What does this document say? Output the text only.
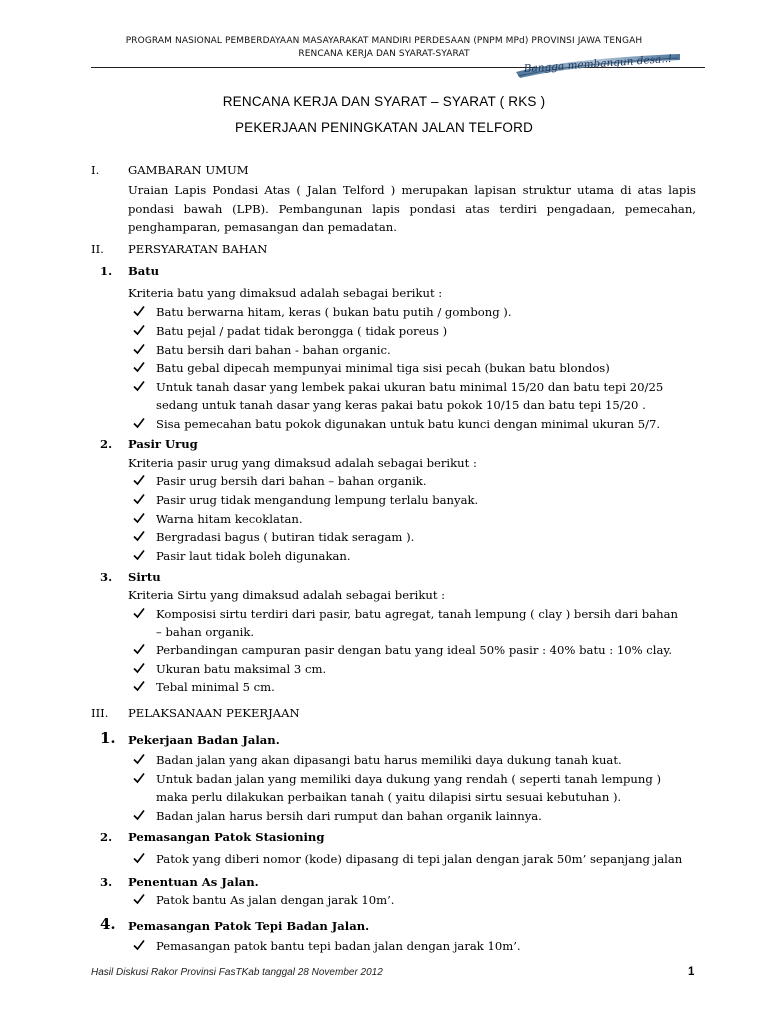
PROGRAM NASIONAL PEMBERDAYAAN MASAYARAKAT MANDIRI PERDESAAN (PNPM MPd) PROVINSI JAWA TENGAH
RENCANA KERJA DAN SYARAT-SYARAT	Bangga membangun desa..!
RENCANA KERJA DAN SYARAT – SYARAT ( RKS )
PEKERJAAN PENINGKATAN JALAN TELFORD
I. GAMBARAN UMUM
Uraian Lapis Pondasi Atas ( Jalan Telford ) merupakan lapisan struktur utama di atas lapis pondasi bawah (LPB). Pembangunan lapis pondasi atas terdiri pengadaan, pemecahan, penghamparan, pemasangan dan pemadatan.
II. PERSYARATAN BAHAN
1. Batu
Kriteria batu yang dimaksud adalah sebagai berikut :
Batu berwarna hitam, keras ( bukan batu putih / gombong ).
Batu pejal / padat tidak berongga ( tidak poreus )
Batu bersih dari bahan - bahan organic.
Batu gebal dipecah mempunyai minimal tiga sisi pecah (bukan batu blondos)
Untuk tanah dasar yang lembek pakai ukuran batu minimal 15/20 dan batu tepi 20/25
sedang untuk tanah dasar yang keras pakai batu pokok 10/15 dan batu tepi 15/20 .
Sisa pemecahan batu pokok digunakan untuk batu kunci dengan minimal ukuran 5/7.
2. Pasir Urug
Kriteria pasir urug yang dimaksud adalah sebagai berikut :
Pasir urug bersih dari bahan – bahan organik.
Pasir urug tidak mengandung lempung terlalu banyak.
Warna hitam kecoklatan.
Bergradasi bagus ( butiran tidak seragam ).
Pasir laut tidak boleh digunakan.
3. Sirtu
Kriteria Sirtu yang dimaksud adalah sebagai berikut :
Komposisi sirtu terdiri dari pasir, batu agregat, tanah lempung ( clay ) bersih dari bahan
– bahan organik.
Perbandingan campuran pasir dengan batu yang ideal 50% pasir : 40% batu : 10% clay.
Ukuran batu maksimal 3 cm.
Tebal minimal 5 cm.
III. PELAKSANAAN PEKERJAAN
1. Pekerjaan Badan Jalan.
Badan jalan yang akan dipasangi batu harus memiliki daya dukung tanah kuat.
Untuk badan jalan yang memiliki daya dukung yang rendah ( seperti tanah lempung )
maka perlu dilakukan perbaikan tanah ( yaitu dilapisi sirtu sesuai kebutuhan ).
Badan jalan harus bersih dari rumput dan bahan organik lainnya.
2. Pemasangan Patok Stasioning
Patok yang diberi nomor (kode) dipasang di tepi jalan dengan jarak 50m’ sepanjang jalan
3. Penentuan As Jalan.
Patok bantu As jalan dengan jarak 10m’.
4. Pemasangan Patok Tepi Badan Jalan.
Pemasangan patok bantu tepi badan jalan dengan jarak 10m’.
Hasil Diskusi Rakor Provinsi FasTKab tanggal 28 November 2012	1
